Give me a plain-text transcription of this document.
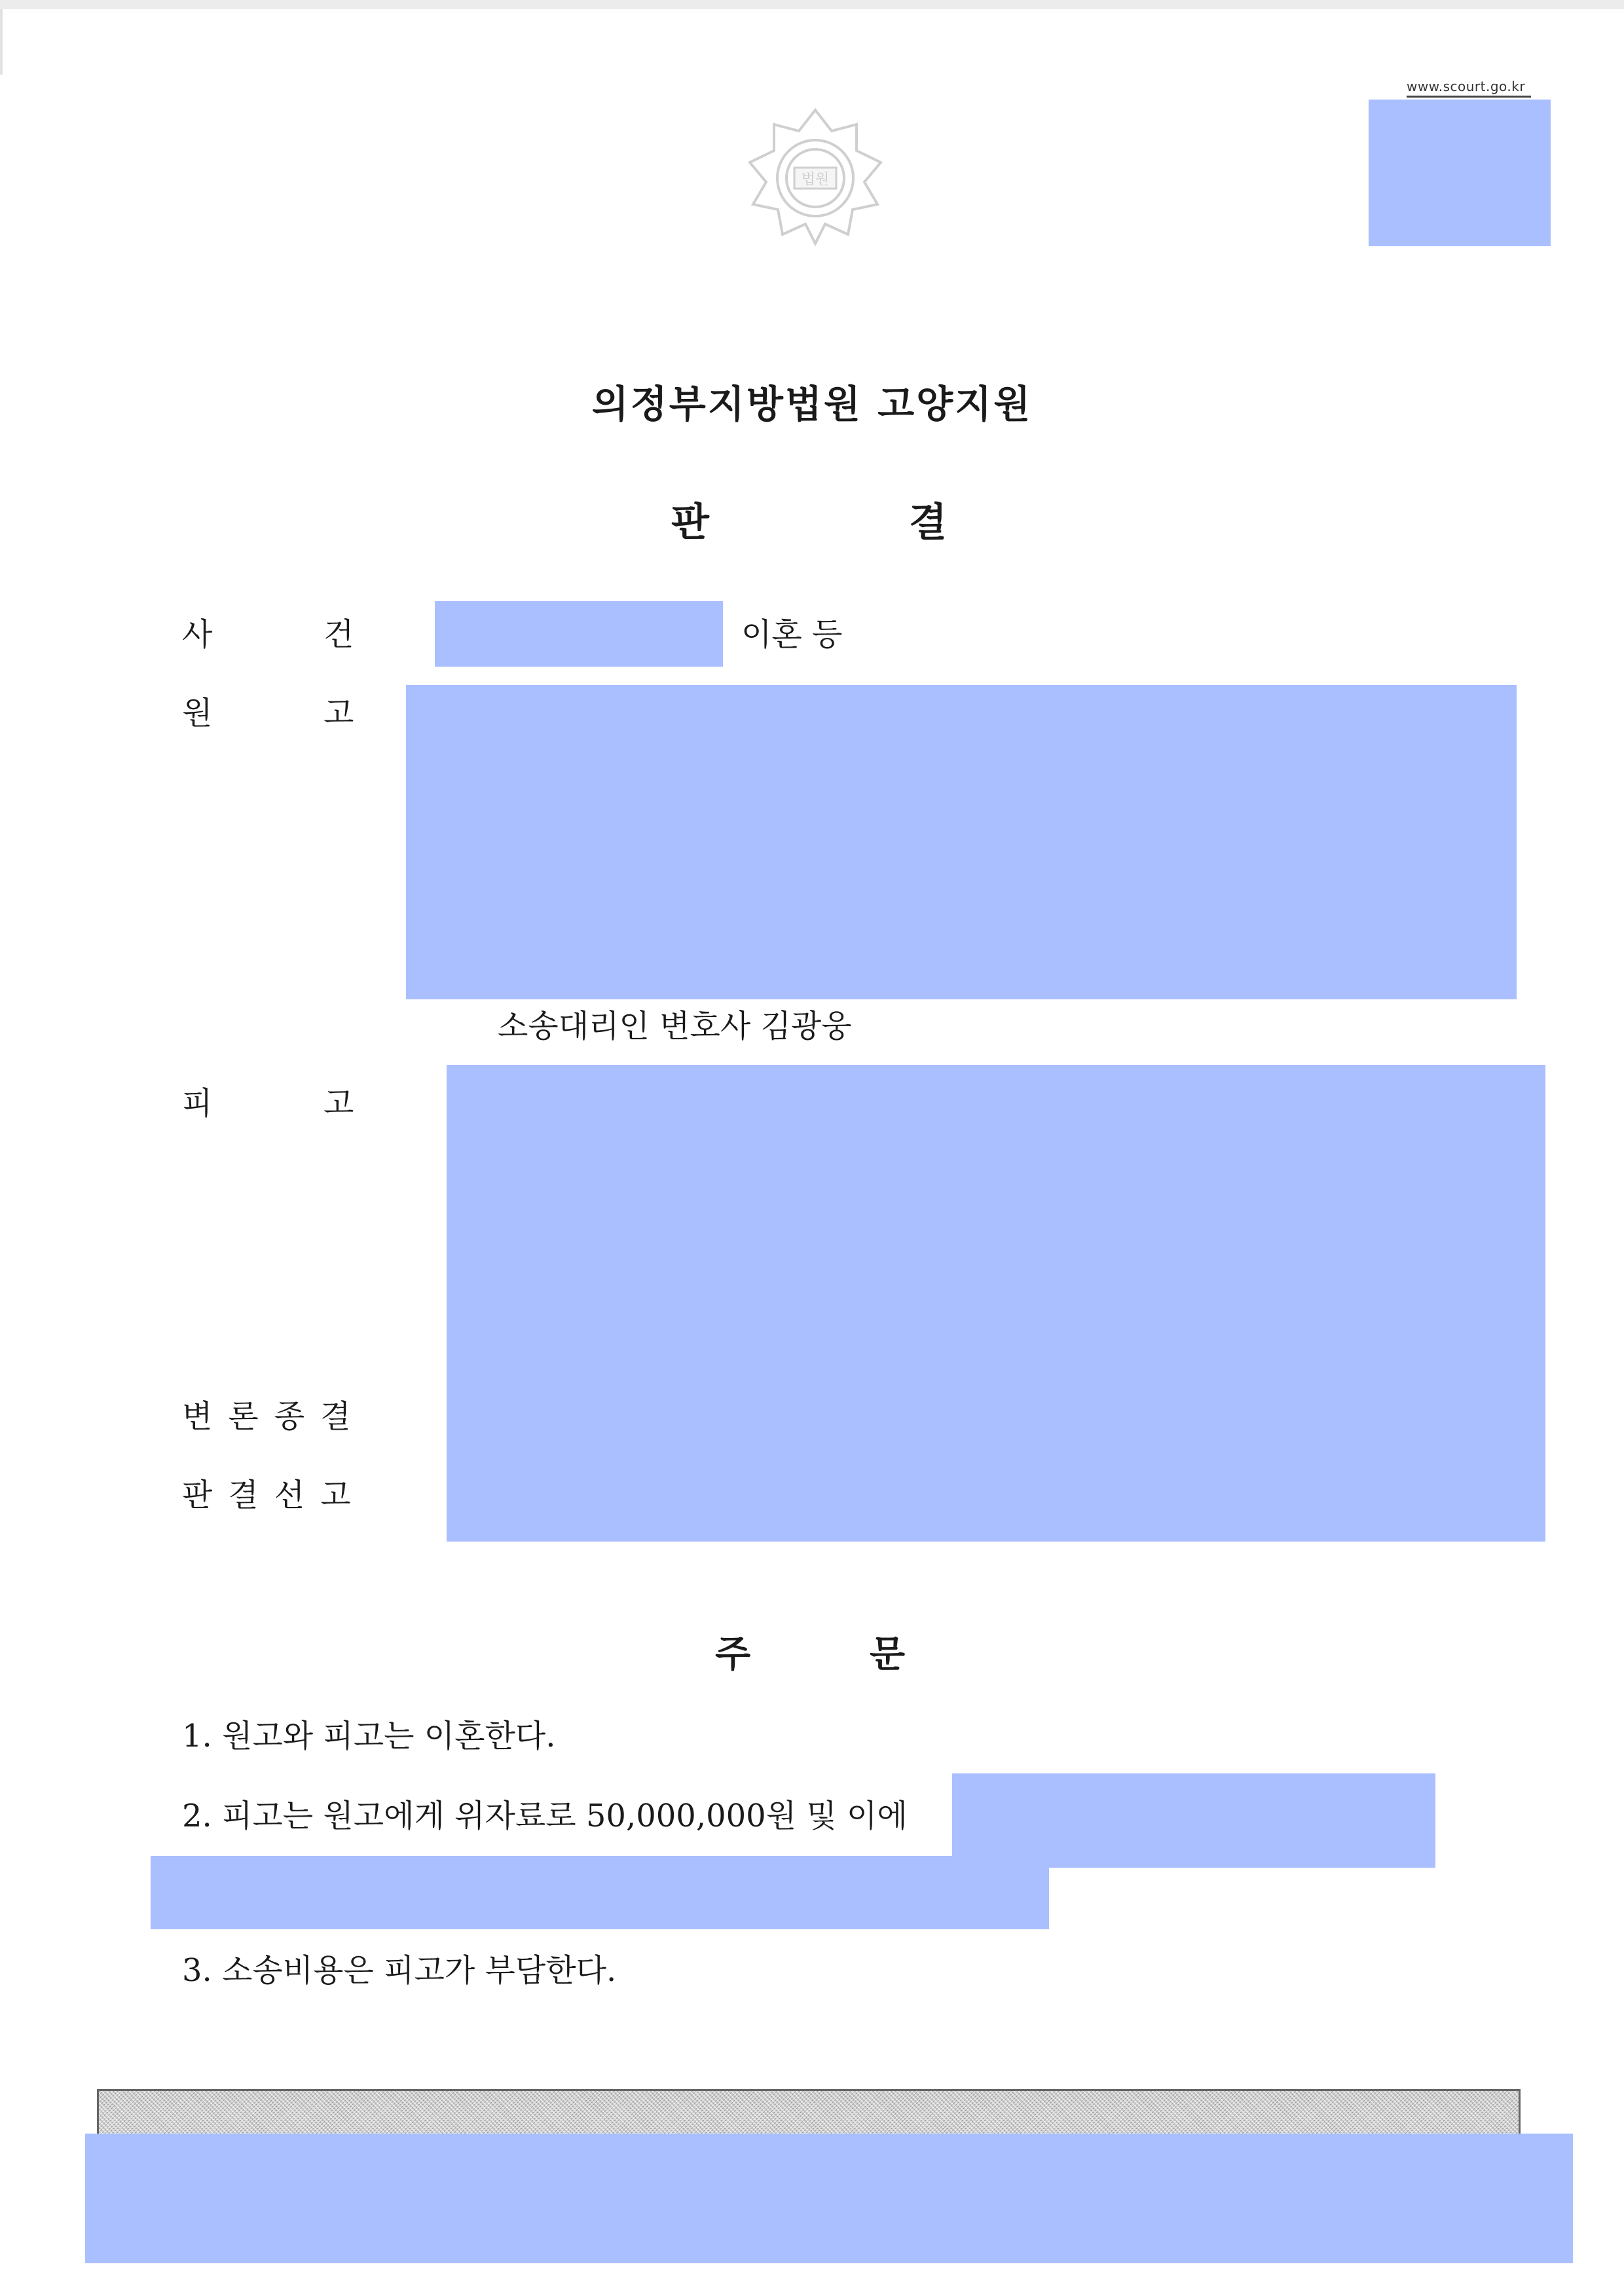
www.scourt.go.kr
법원
의정부지방법원 고양지원
판	결
사	건	이혼 등
원	고
소송대리인 변호사 김광웅
피	고
변론종결
판결선고
주	문
1. 원고와 피고는 이혼한다.
2. 피고는 원고에게 위자료로 50,000,000원 및 이에
3. 소송비용은 피고가 부담한다.
